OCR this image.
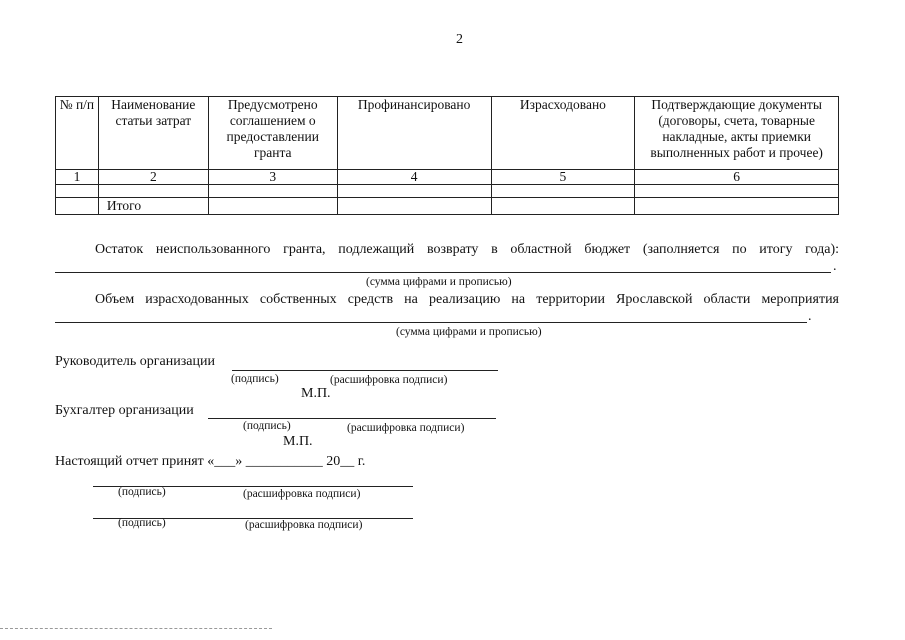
2
№ п/п	Наименование статьи затрат	Предусмотрено соглашением о предоставлении гранта	Профинансировано	Израсходовано	Подтверждающие документы (договоры, счета, товарные накладные, акты приемки выполненных работ и прочее)
1	2	3	4	5	6

	Итого				
Остаток неиспользованного гранта, подлежащий возврату в областной бюджет (заполняется по итогу года):
.
(сумма цифрами и прописью)
Объем израсходованных собственных средств на реализацию на территории Ярославской области мероприятия
.
(сумма цифрами и прописью)
Руководитель организации
(подпись)	(расшифровка подписи)
М.П.
Бухгалтер организации
(подпись)	(расшифровка подписи)
М.П.
Настоящий отчет принят «___» ___________ 20__ г.
(подпись)	(расшифровка подписи)
(подпись)	(расшифровка подписи)
